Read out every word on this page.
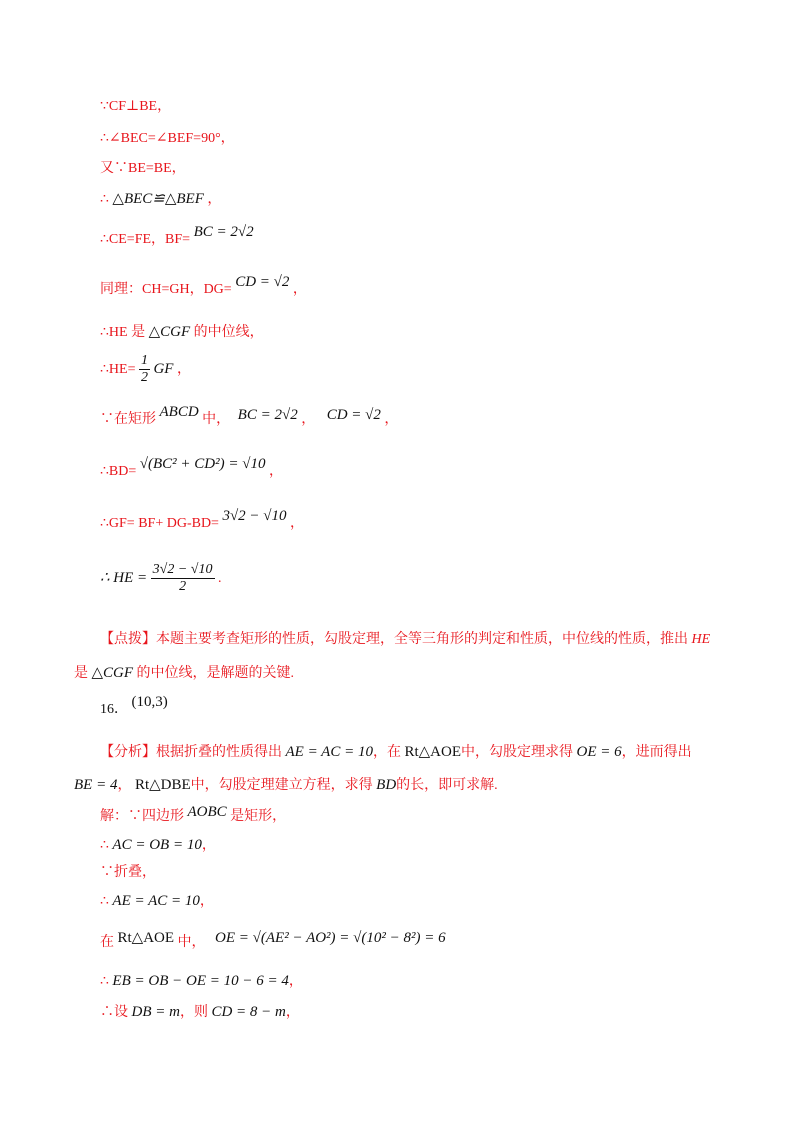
∵CF⊥BE，
∴∠BEC=∠BEF=90°，
又∵BE=BE，
∴ △BEC≌△BEF ，
∴CE=FE，BF= BC = 2√2
同理：CH=GH，DG= CD = √2 ，
∴HE 是 △CGF 的中位线，
∴HE= $\frac{1}{2}$ GF ，
∵在矩形 ABCD 中， BC = 2√2 ， CD = √2 ，
∴BD= √(BC² + CD²) = √10 ，
∴GF= BF+ DG-BD= 3√2 − √10 ，
∴ HE = $\frac{3√2 - √10}{2}$ .
【点拨】本题主要考查矩形的性质，勾股定理，全等三角形的判定和性质，中位线的性质，推出 HE
是 △CGF 的中位线，是解题的关键.
16． (10,3)
【分析】根据折叠的性质得出 AE = AC = 10，在 Rt△AOE中，勾股定理求得 OE = 6，进而得出
BE = 4， Rt△DBE中，勾股定理建立方程，求得 BD的长，即可求解.
解：∵四边形 AOBC 是矩形，
∴ AC = OB = 10，
∵折叠，
∴ AE = AC = 10，
在 Rt△AOE 中， OE = √(AE² − AO²) = √(10² − 8²) = 6
∴ EB = OB − OE = 10 − 6 = 4，
∴设 DB = m，则 CD = 8 − m，
